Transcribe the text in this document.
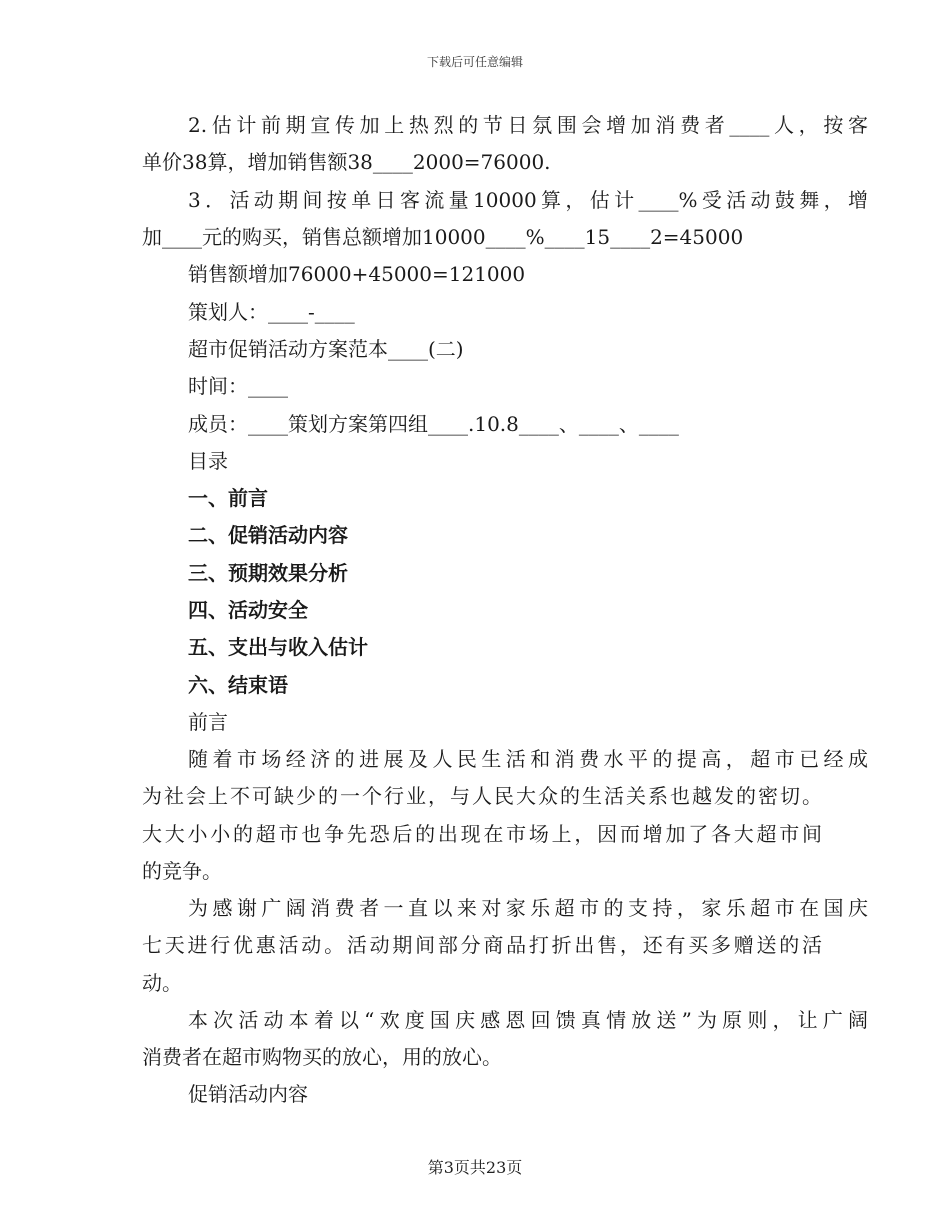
下载后可任意编辑
2.估计前期宣传加上热烈的节日氛围会增加消费者____人，按客
单价38算，增加销售额38____2000=76000.
3．活动期间按单日客流量10000算，估计____%受活动鼓舞，增
加____元的购买，销售总额增加10000____%____15____2=45000
销售额增加76000+45000=121000
策划人：____-____
超市促销活动方案范本____(二)
时间：____
成员：____策划方案第四组____.10.8____、____、____
目录
一、前言
二、促销活动内容
三、预期效果分析
四、活动安全
五、支出与收入估计
六、结束语
前言
随着市场经济的进展及人民生活和消费水平的提高，超市已经成
为社会上不可缺少的一个行业，与人民大众的生活关系也越发的密切。
大大小小的超市也争先恐后的出现在市场上，因而增加了各大超市间
的竞争。
为感谢广阔消费者一直以来对家乐超市的支持，家乐超市在国庆
七天进行优惠活动。活动期间部分商品打折出售，还有买多赠送的活
动。
本次活动本着以“欢度国庆感恩回馈真情放送”为原则，让广阔
消费者在超市购物买的放心，用的放心。
促销活动内容
第3页共23页
